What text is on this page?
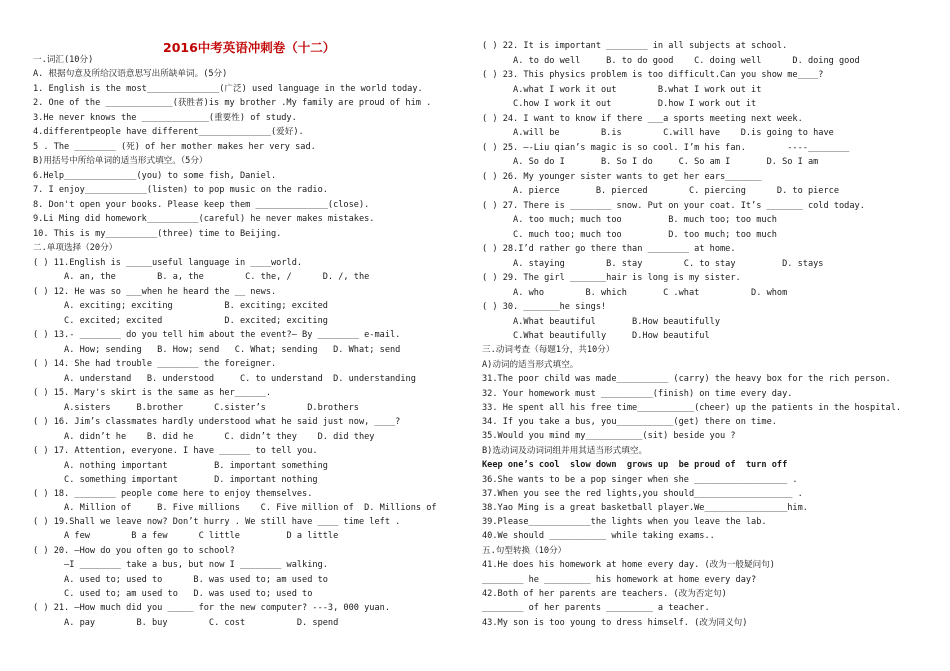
2016中考英语冲刺卷（十二）
一.词汇(10分)
A. 根据句意及所给汉语意思写出所缺单词。(5分)
1. English is the most______________(广泛) used language in the world today.
2. One of the _____________(获胜者)is my brother .My family are proud of him .
3.He never knows the _____________(重要性) of study.
4.differentpeople have different______________(爱好).
5 . The ________ (死) of her mother makes her very sad.
B)用括号中所给单词的适当形式填空。（5分）
6.Help______________(you) to some fish, Daniel.
7. I enjoy____________(listen) to pop music on the radio.
8. Don't open your books. Please keep them ______________(close).
9.Li Ming did homework__________(careful) he never makes mistakes.
10. This is my__________(three) time to Beijing.
二.单项选择（20分）
( ) 11.English is _____useful language in ____world.
A. an, the        B. a, the        C. the, /      D. /, the
( ) 12. He was so ___when he heard the __ news.
A. exciting; exciting          B. exciting; excited
C. excited; excited            D. excited; exciting
( ) 13.- ________ do you tell him about the event?— By ________ e-mail.
A. How; sending   B. How; send   C. What; sending   D. What; send
( ) 14. She had trouble ________ the foreigner.
A. understand   B. understood     C. to understand  D. understanding
( ) 15. Mary's skirt is the same as her______.
A.sisters     B.brother      C.sister’s        D.brothers
( ) 16. Jim’s classmates hardly understood what he said just now, ____?
A. didn’t he    B. did he      C. didn’t they    D. did they
( ) 17. Attention, everyone. I have ______ to tell you.
A. nothing important         B. important something
C. something important       D. important nothing
( ) 18. ________ people come here to enjoy themselves.
A. Million of     B. Five millions    C. Five million of  D. Millions of
( ) 19.Shall we leave now? Don’t hurry . We still have ____ time left .
A few        B a few      C little         D a little
( ) 20. –How do you often go to school?
–I ________ take a bus, but now I ________ walking.
A. used to; used to      B. was used to; am used to
C. used to; am used to   D. was used to; used to
( ) 21. –How much did you _____ for the new computer? ---3, 000 yuan.
A. pay        B. buy        C. cost          D. spend
( ) 22. It is important ________ in all subjects at school.
A. to do well     B. to do good    C. doing well      D. doing good
( ) 23. This physics problem is too difficult.Can you show me____?
A.what I work it out        B.what I work out it
C.how I work it out         D.how I work out it
( ) 24. I want to know if there ___a sports meeting next week.
A.will be        B.is        C.will have    D.is going to have
( ) 25. –-Liu qian’s magic is so cool. I’m his fan.        ----________
A. So do I       B. So I do     C. So am I       D. So I am
( ) 26. My younger sister wants to get her ears_______
A. pierce       B. pierced        C. piercing      D. to pierce
( ) 27. There is ________ snow. Put on your coat. It’s _______ cold today.
A. too much; much too         B. much too; too much
C. much too; much too         D. too much; too much
( ) 28.I’d rather go there than ________ at home.
A. staying        B. stay        C. to stay         D. stays
( ) 29. The girl _______hair is long is my sister.
A. who        B. which       C .what          D. whom
( ) 30. _______he sings!
A.What beautiful       B.How beautifully
C.What beautifully     D.How beautiful
三.动词考查（每题1分，共10分）
A)动词的适当形式填空。
31.The poor child was made__________ (carry) the heavy box for the rich person.
32. Your homework must __________(finish) on time every day.
33. He spent all his free time___________(cheer) up the patients in the hospital.
34. If you take a bus, you___________(get) there on time.
35.Would you mind my___________(sit) beside you ?
B)选动词及动词词组并用其适当形式填空。
Keep one’s cool  slow down  grows up  be proud of  turn off
36.She wants to be a pop singer when she __________________ .
37.When you see the red lights,you should___________________ .
38.Yao Ming is a great basketball player.We________________him.
39.Please____________the lights when you leave the lab.
40.We should ___________ while taking exams..
五.句型转换（10分）
41.He does his homework at home every day. (改为一般疑问句)
________ he _________ his homework at home every day?
42.Both of her parents are teachers. (改为否定句)
________ of her parents _________ a teacher.
43.My son is too young to dress himself. (改为同义句)
